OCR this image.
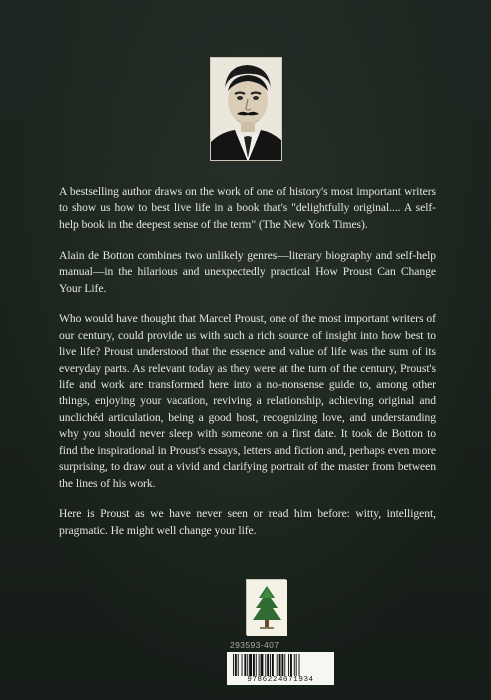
A bestselling author draws on the work of one of history's most important writers to show us how to best live life in a book that's "delightfully original.... A self-help book in the deepest sense of the term" (The New York Times).

Alain de Botton combines two unlikely genres—literary biography and self-help manual—in the hilarious and unexpectedly practical How Proust Can Change Your Life.

Who would have thought that Marcel Proust, one of the most important writers of our century, could provide us with such a rich source of insight into how best to live life? Proust understood that the essence and value of life was the sum of its everyday parts. As relevant today as they were at the turn of the century, Proust's life and work are transformed here into a no-nonsense guide to, among other things, enjoying your vacation, reviving a relationship, achieving original and unclichéd articulation, being a good host, recognizing love, and understanding why you should never sleep with someone on a first date. It took de Botton to find the inspirational in Proust's essays, letters and fiction and, perhaps even more surprising, to draw out a vivid and clarifying portrait of the master from between the lines of his work.

Here is Proust as we have never seen or read him before: witty, intelligent, pragmatic. He might well change your life.

293593-407
9786224071934
